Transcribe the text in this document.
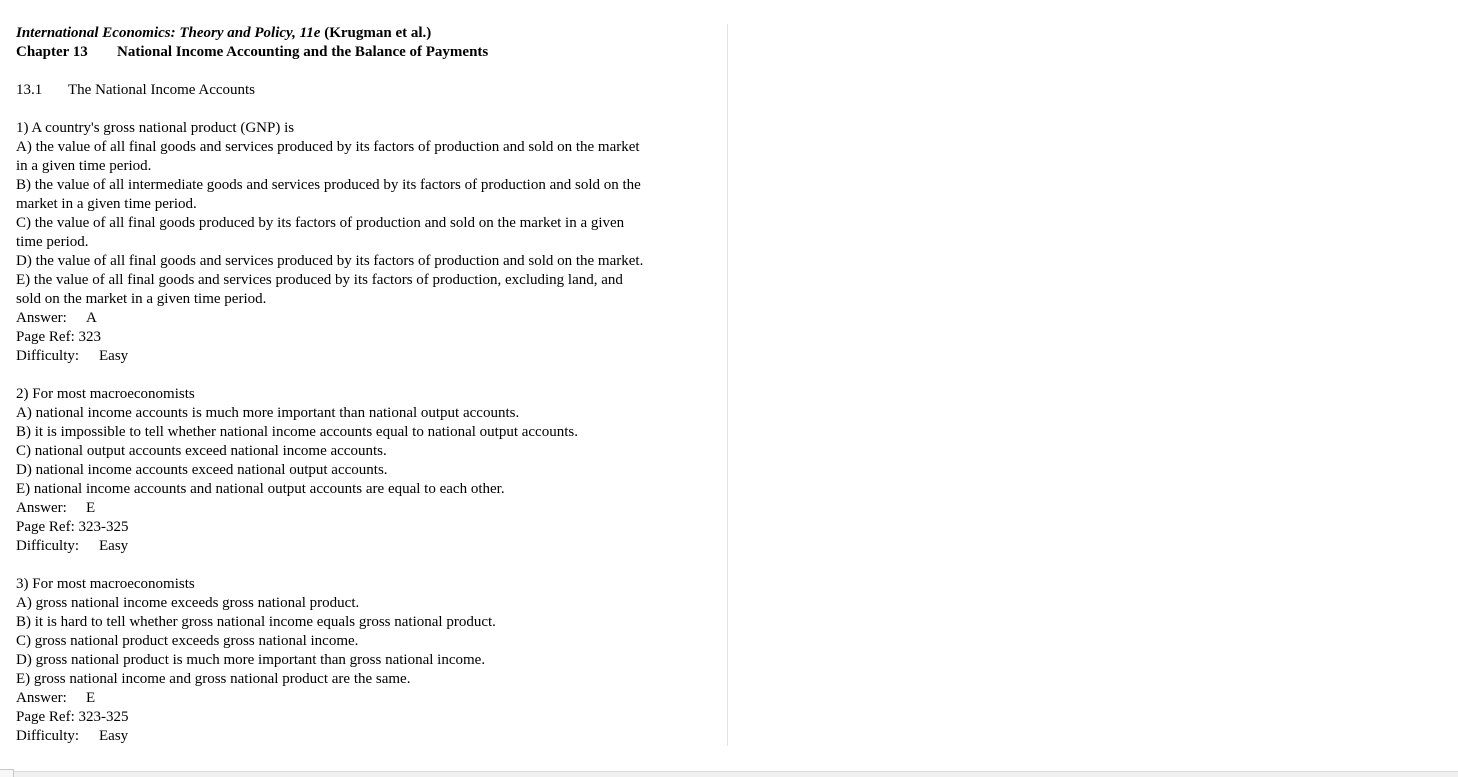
International Economics: Theory and Policy, 11e (Krugman et al.)
Chapter 13 National Income Accounting and the Balance of Payments
13.1 The National Income Accounts
1) A country's gross national product (GNP) is
A) the value of all final goods and services produced by its factors of production and sold on the market
in a given time period.
B) the value of all intermediate goods and services produced by its factors of production and sold on the
market in a given time period.
C) the value of all final goods produced by its factors of production and sold on the market in a given
time period.
D) the value of all final goods and services produced by its factors of production and sold on the market.
E) the value of all final goods and services produced by its factors of production, excluding land, and
sold on the market in a given time period.
Answer: A
Page Ref: 323
Difficulty: Easy
2) For most macroeconomists
A) national income accounts is much more important than national output accounts.
B) it is impossible to tell whether national income accounts equal to national output accounts.
C) national output accounts exceed national income accounts.
D) national income accounts exceed national output accounts.
E) national income accounts and national output accounts are equal to each other.
Answer: E
Page Ref: 323-325
Difficulty: Easy
3) For most macroeconomists
A) gross national income exceeds gross national product.
B) it is hard to tell whether gross national income equals gross national product.
C) gross national product exceeds gross national income.
D) gross national product is much more important than gross national income.
E) gross national income and gross national product are the same.
Answer: E
Page Ref: 323-325
Difficulty: Easy
